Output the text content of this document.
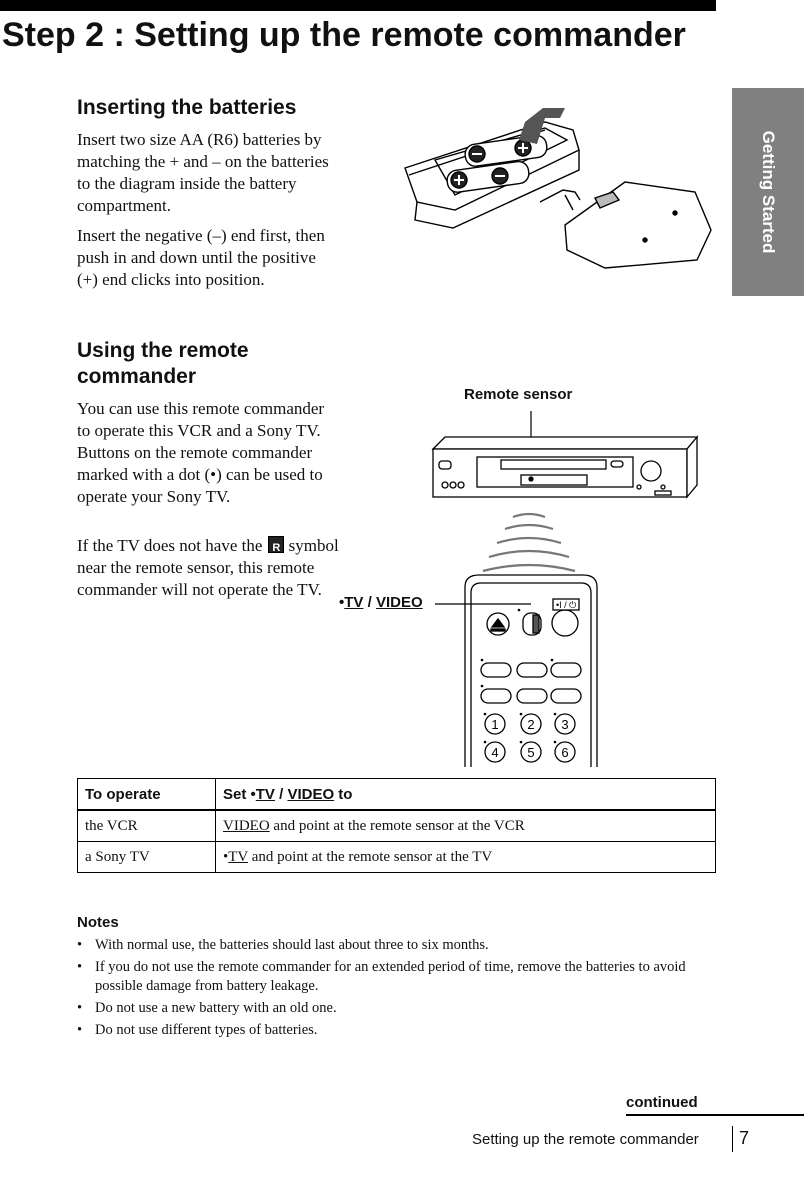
Step 2 : Setting up the remote commander
Getting Started
Inserting the batteries

Insert two size AA (R6) batteries by matching the + and – on the batteries to the diagram inside the battery compartment.

Insert the negative (–) end first, then push in and down until the positive (+) end clicks into position.

Using the remote commander

You can use this remote commander to operate this VCR and a Sony TV. Buttons on the remote commander marked with a dot (•) can be used to operate your Sony TV.

If the TV does not have theR symbol near the remote sensor, this remote commander will not operate the TV.

Remote sensor
•TV / VIDEO	•I / ⏻
1 2 3
4 5 6
To operate	Set •TV / VIDEO to
the VCR	VIDEO and point at the remote sensor at the VCR
a Sony TV	•TV and point at the remote sensor at the TV
Notes
• With normal use, the batteries should last about three to six months.
• If you do not use the remote commander for an extended period of time, remove the batteries to avoid possible damage from battery leakage.
• Do not use a new battery with an old one.
• Do not use different types of batteries.
continued
Setting up the remote commander 7
